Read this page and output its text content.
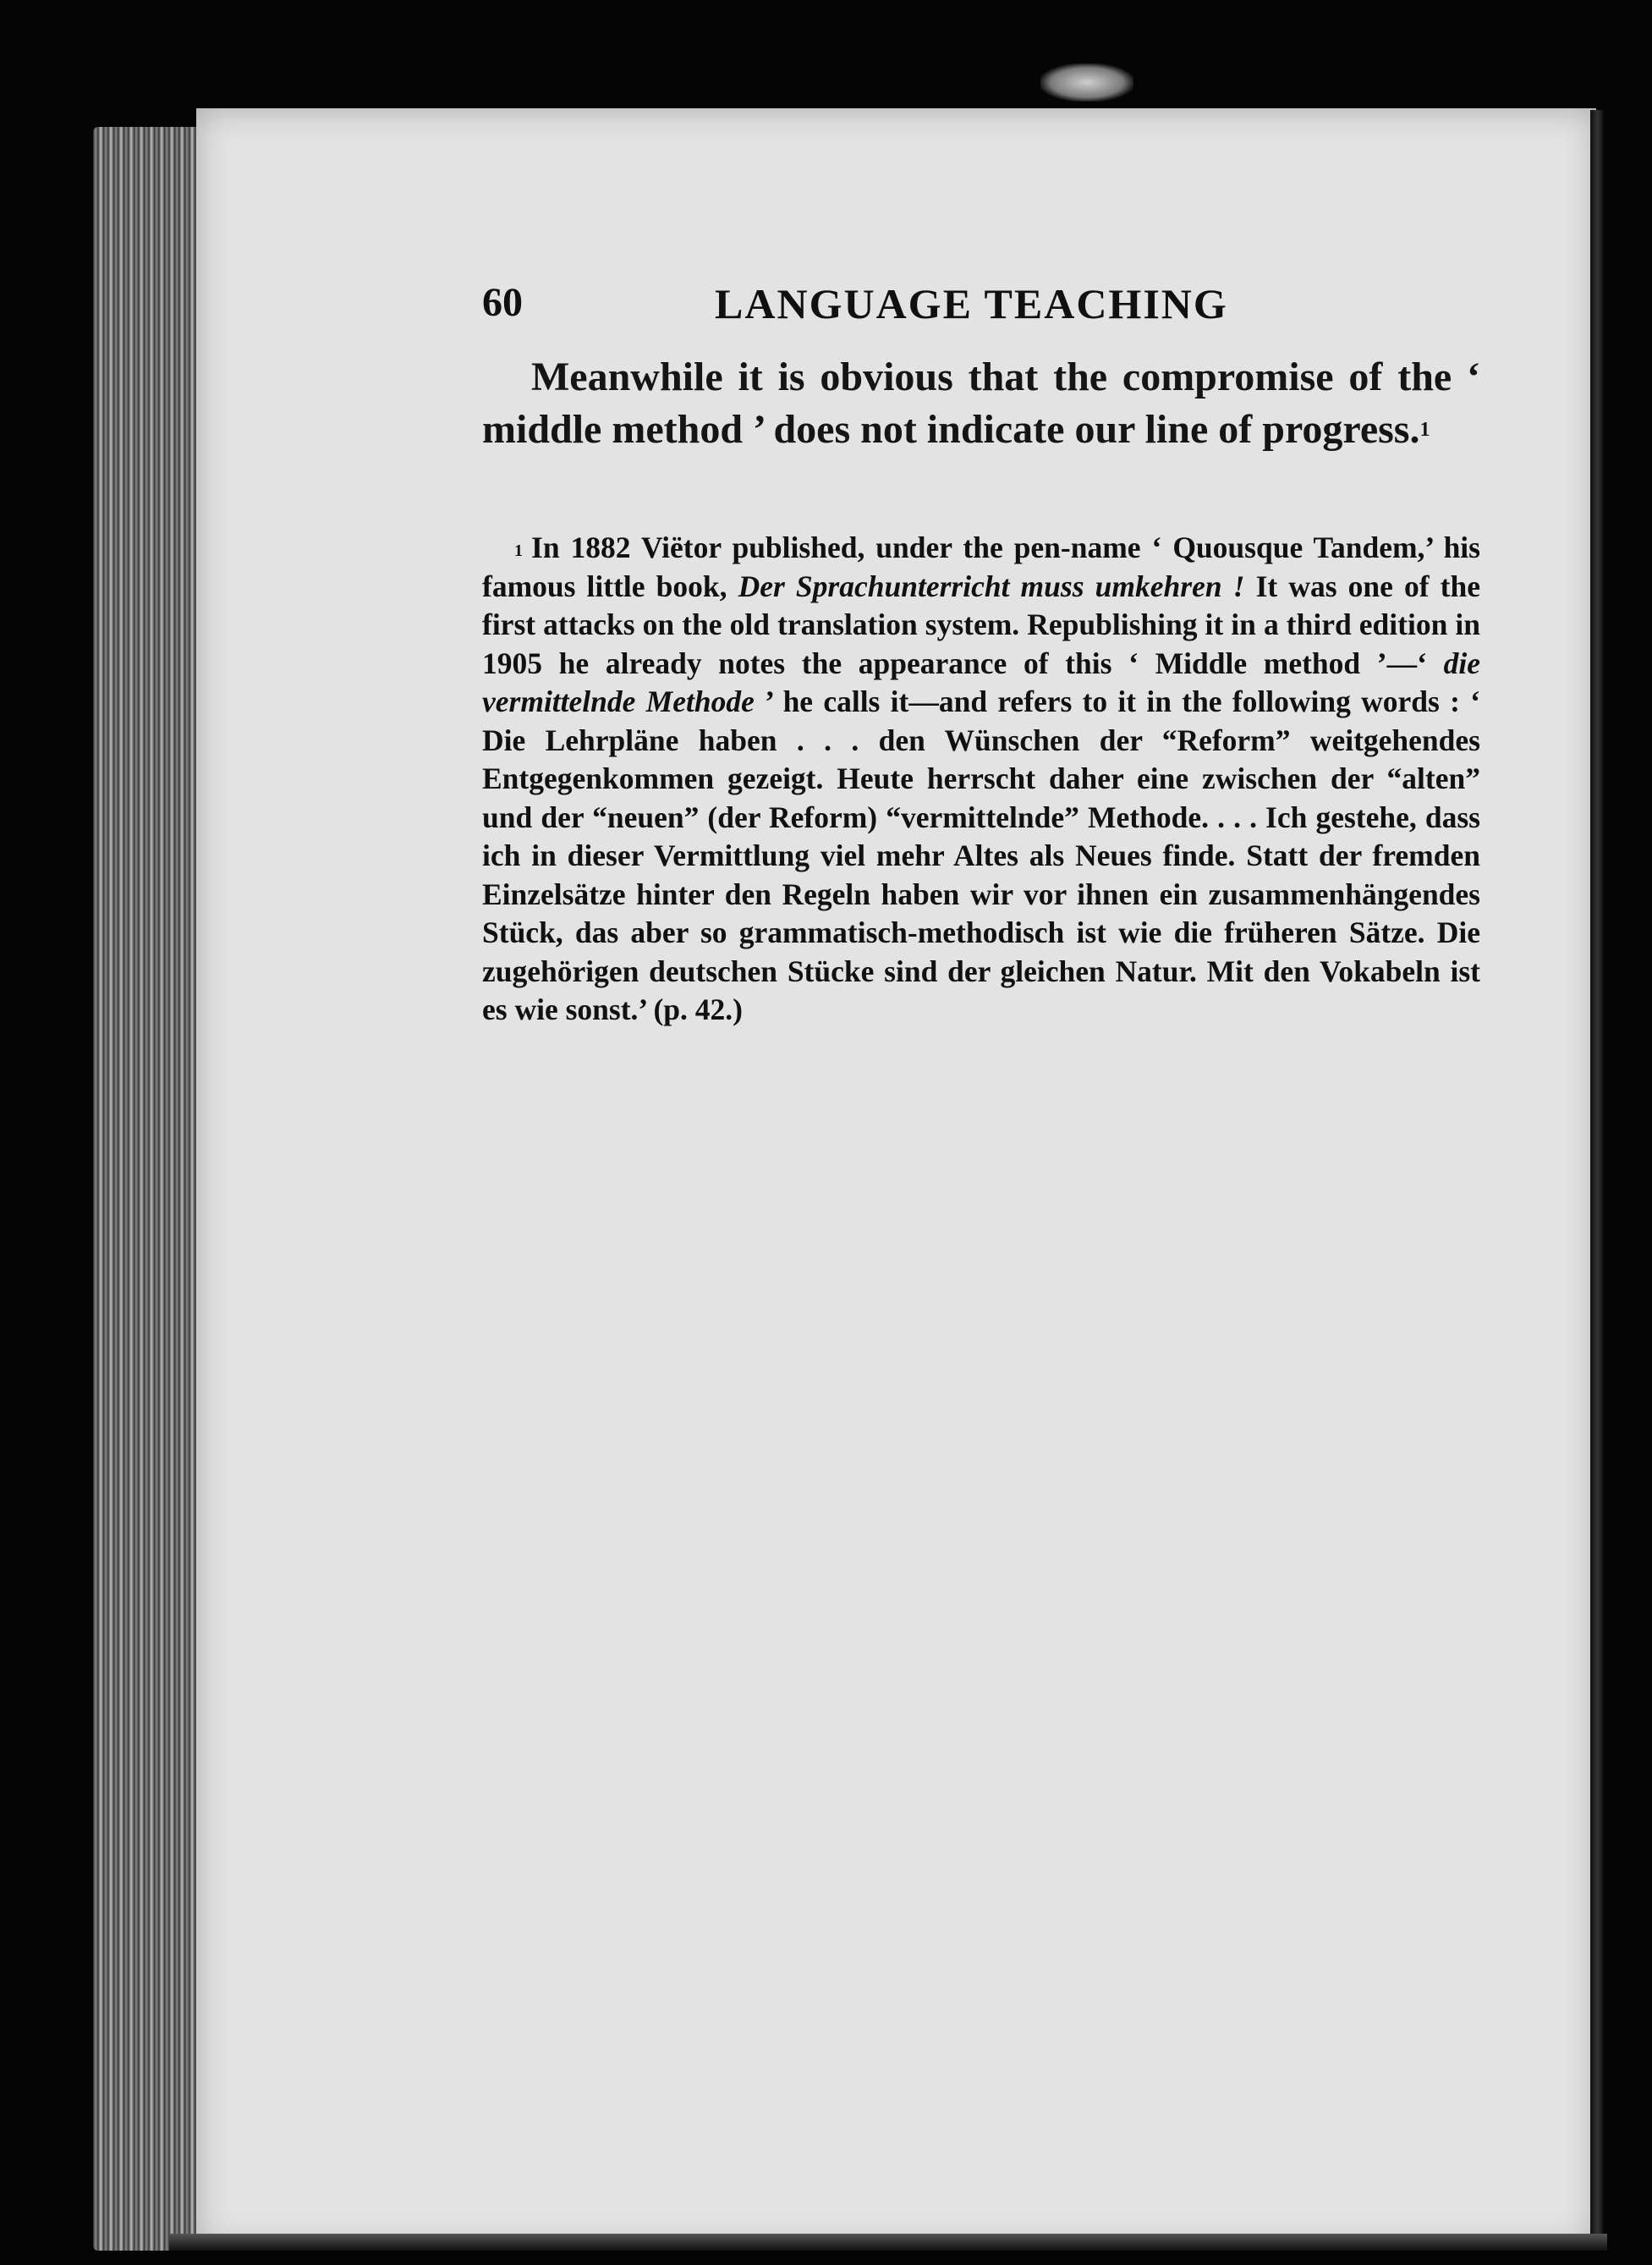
60	LANGUAGE TEACHING

Meanwhile it is obvious that the compromise of the ‘ middle method ’ does not indicate our line of progress.$^1$

$^1$ In 1882 Viëtor published, under the pen-name ‘ Quousque Tandem,’ his famous little book, Der Sprachunterricht muss umkehren ! It was one of the first attacks on the old translation system. Republishing it in a third edition in 1905 he already notes the appearance of this ‘ Middle method ’—‘ die vermittelnde Methode ’ he calls it—and refers to it in the following words : ‘ Die Lehrpläne haben . . . den Wünschen der “Reform” weitgehendes Entgegenkommen gezeigt. Heute herrscht daher eine zwischen der “alten” und der “neuen” (der Reform) “vermittelnde” Methode. . . . Ich gestehe, dass ich in dieser Vermittlung viel mehr Altes als Neues finde. Statt der fremden Einzelsätze hinter den Regeln haben wir vor ihnen ein zusammenhängendes Stück, das aber so grammatisch-methodisch ist wie die früheren Sätze. Die zugehörigen deutschen Stücke sind der gleichen Natur. Mit den Vokabeln ist es wie sonst.’ (p. 42.)
